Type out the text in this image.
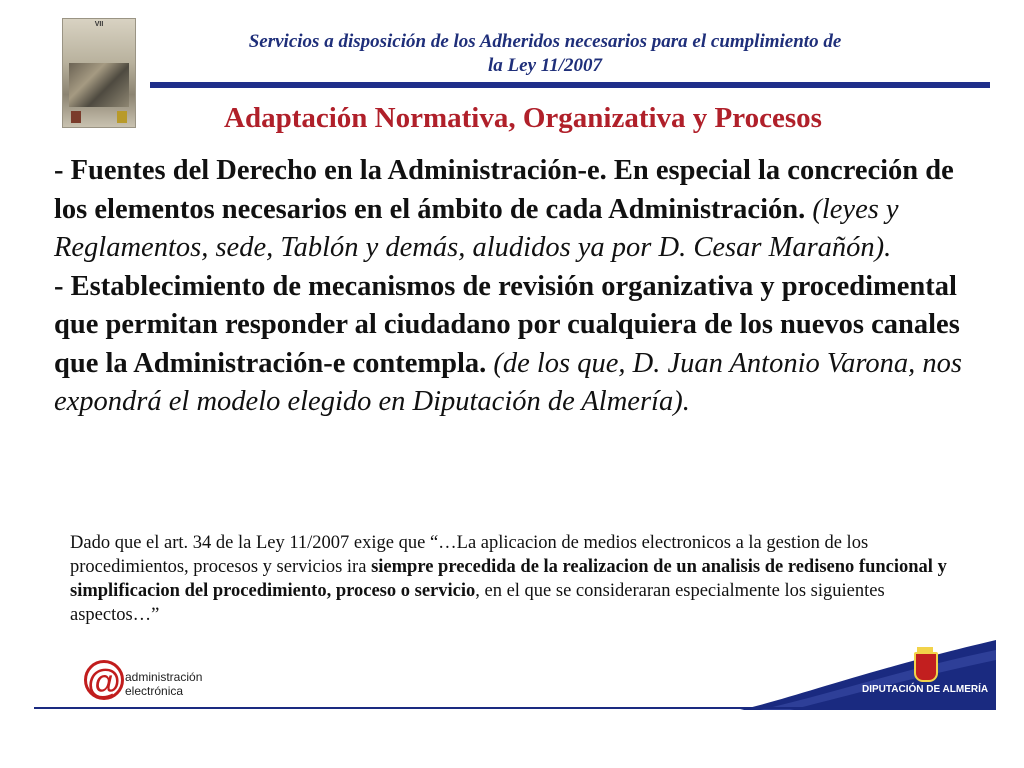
VII
Servicios a disposición de los Adheridos necesarios para el cumplimiento de
la Ley 11/2007
Adaptación Normativa, Organizativa y Procesos

- Fuentes del Derecho en la Administración-e. En especial la concreción de los elementos necesarios en el ámbito de cada Administración. (leyes y Reglamentos, sede, Tablón y demás, aludidos ya por D. Cesar Marañón).

- Establecimiento de mecanismos de revisión organizativa y procedimental que permitan responder al ciudadano por cualquiera de los nuevos canales que la Administración-e contempla. (de los que, D. Juan Antonio Varona, nos expondrá el modelo elegido en Diputación de Almería).

Dado que el art. 34 de la Ley 11/2007 exige que “…La aplicacion de medios electronicos a la gestion de los procedimientos, procesos y servicios ira siempre precedida de la realizacion de un analisis de rediseno funcional y simplificacion del procedimiento, proceso o servicio, en el que se consideraran especialmente los siguientes aspectos…”
@ administración
electrónica	DIPUTACIÓN DE ALMERÍA
